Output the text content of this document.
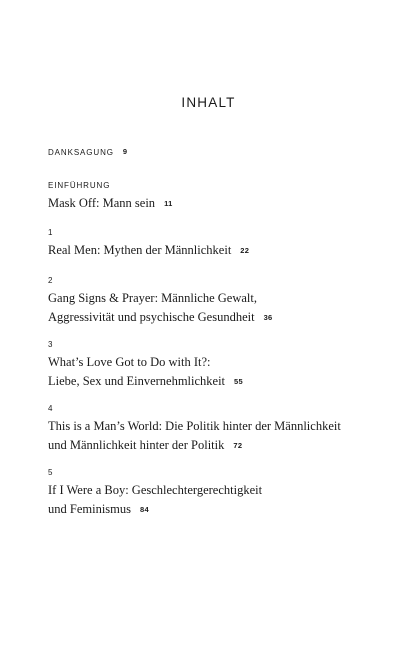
INHALT
DANKSAGUNG 9
EINFÜHRUNG
Mask Off: Mann sein 11
1
Real Men: Mythen der Männlichkeit 22
2
Gang Signs & Prayer: Männliche Gewalt,
Aggressivität und psychische Gesundheit 36
3
What’s Love Got to Do with It?:
Liebe, Sex und Einvernehmlichkeit 55
4
This is a Man’s World: Die Politik hinter der Männlichkeit
und Männlichkeit hinter der Politik 72
5
If I Were a Boy: Geschlechtergerechtigkeit
und Feminismus 84
